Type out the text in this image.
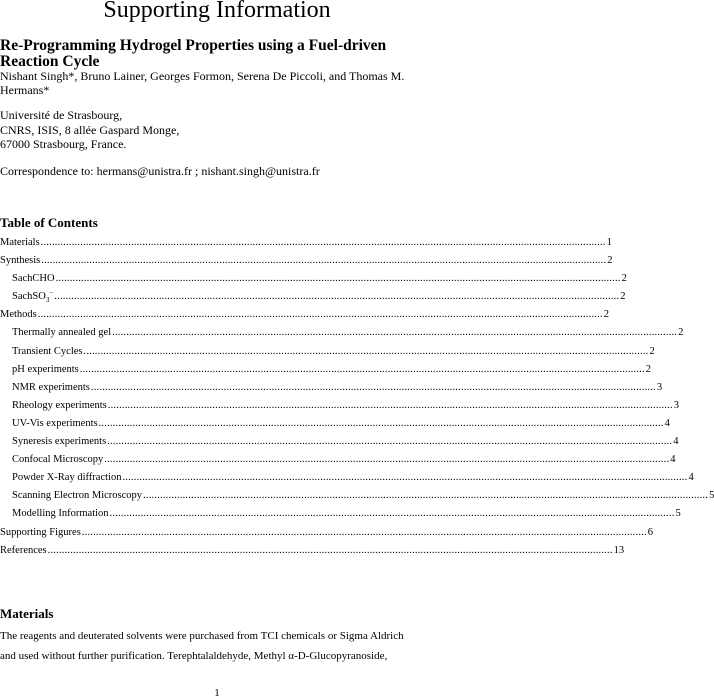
Supporting Information
Re-Programming Hydrogel Properties using a Fuel-driven Reaction Cycle
Nishant Singh*, Bruno Lainer, Georges Formon, Serena De Piccoli, and Thomas M. Hermans*
Université de Strasbourg,
CNRS, ISIS, 8 allée Gaspard Monge,
67000 Strasbourg, France.
Correspondence to: hermans@unistra.fr ; nishant.singh@unistra.fr
Table of Contents
Materials ........................................................................................................................................................................................................ 1
Synthesis ........................................................................................................................................................................................................ 2
SachCHO ........................................................................................................................................................................................................ 2
SachSO$_3$− ........................................................................................................................................................................................................ 2
Methods ........................................................................................................................................................................................................ 2
Thermally annealed gel ........................................................................................................................................................................................................ 2
Transient Cycles ........................................................................................................................................................................................................ 2
pH experiments ........................................................................................................................................................................................................ 2
NMR experiments ........................................................................................................................................................................................................ 3
Rheology experiments ........................................................................................................................................................................................................ 3
UV-Vis experiments ........................................................................................................................................................................................................ 4
Syneresis experiments ........................................................................................................................................................................................................ 4
Confocal Microscopy ........................................................................................................................................................................................................ 4
Powder X-Ray diffraction ........................................................................................................................................................................................................ 4
Scanning Electron Microscopy ........................................................................................................................................................................................................ 5
Modelling Information ........................................................................................................................................................................................................ 5
Supporting Figures ........................................................................................................................................................................................................ 6
References ........................................................................................................................................................................................................ 13
Materials
The reagents and deuterated solvents were purchased from TCI chemicals or Sigma Aldrich
and used without further purification. Terephtalaldehyde, Methyl α-D-Glucopyranoside,
1
